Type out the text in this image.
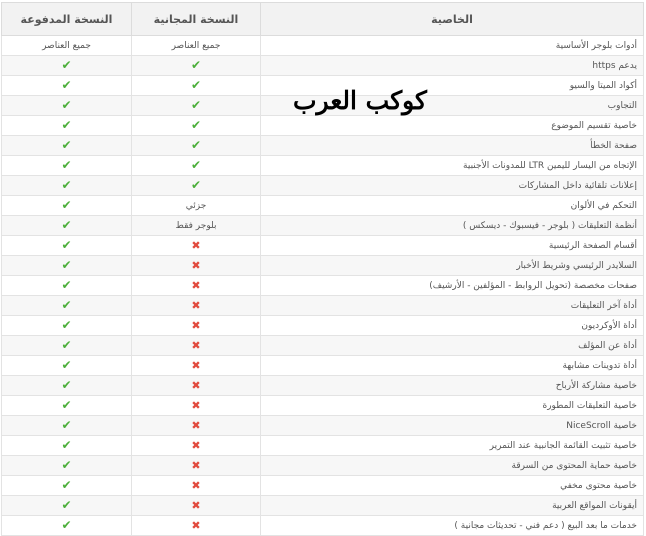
الخاصية	النسخة المجانية	النسخة المدفوعة
أدوات بلوجر الأساسية	جميع العناصر	جميع العناصر
يدعم https	✔	✔
أكواد الميتا والسيو	✔	✔
التجاوب	✔	✔
خاصية تقسيم الموضوع	✔	✔
صفحة الخطأ	✔	✔
الإتجاه من اليسار لليمين LTR للمدونات الأجنبية	✔	✔
إعلانات تلقائية داخل المشاركات	✔	✔
التحكم في الألوان	جزئي	✔
أنظمة التعليقات ( بلوجر - فيسبوك - ديسكس )	بلوجر فقط	✔
أقسام الصفحة الرئيسية	✖	✔
السلايدر الرئيسي وشريط الأخبار	✖	✔
صفحات مخصصة (تحويل الروابط - المؤلفين - الأرشيف)	✖	✔
أداة آخر التعليقات	✖	✔
أداة الأوكرديون	✖	✔
أداة عن المؤلف	✖	✔
أداة تدوينات مشابهة	✖	✔
خاصية مشاركة الأرباح	✖	✔
خاصية التعليقات المطورة	✖	✔
خاصية NiceScroll	✖	✔
خاصية تثبيت القائمة الجانبية عند التمرير	✖	✔
خاصية حماية المحتوى من السرقة	✖	✔
خاصية محتوى مخفي	✖	✔
أيقونات المواقع العربية	✖	✔
خدمات ما بعد البيع ( دعم فني - تحديثات مجانية )	✖	✔
كوكب العرب
